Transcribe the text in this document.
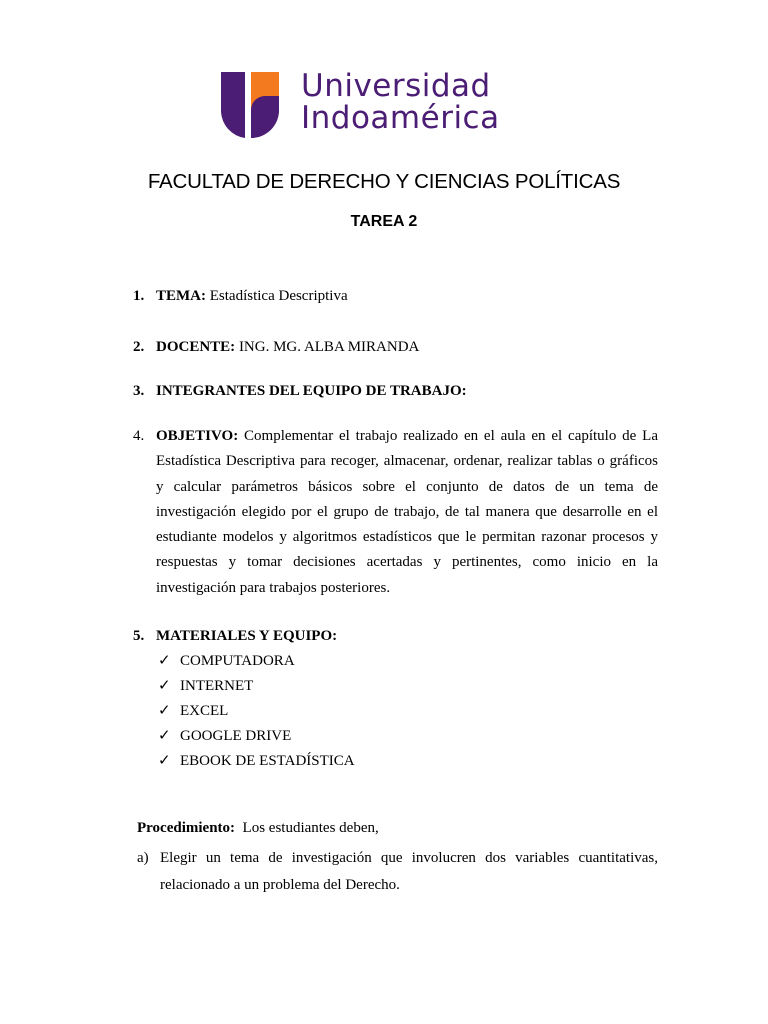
Universidad
Indoamérica
FACULTAD DE DERECHO Y CIENCIAS POLÍTICAS
TAREA 2
1. TEMA: Estadística Descriptiva
2. DOCENTE: ING. MG. ALBA MIRANDA
3. INTEGRANTES DEL EQUIPO DE TRABAJO:
4. OBJETIVO: Complementar el trabajo realizado en el aula en el capítulo de La Estadística Descriptiva para recoger, almacenar, ordenar, realizar tablas o gráficos y calcular parámetros básicos sobre el conjunto de datos de un tema de investigación elegido por el grupo de trabajo, de tal manera que desarrolle en el estudiante modelos y algoritmos estadísticos que le permitan razonar procesos y respuestas y tomar decisiones acertadas y pertinentes, como inicio en la investigación para trabajos posteriores.
5. MATERIALES Y EQUIPO:
✓ COMPUTADORA
✓ INTERNET
✓ EXCEL
✓ GOOGLE DRIVE
✓ EBOOK DE ESTADÍSTICA
Procedimiento:  Los estudiantes deben,
a) Elegir un tema de investigación que involucren dos variables cuantitativas, relacionado a un problema del Derecho.
